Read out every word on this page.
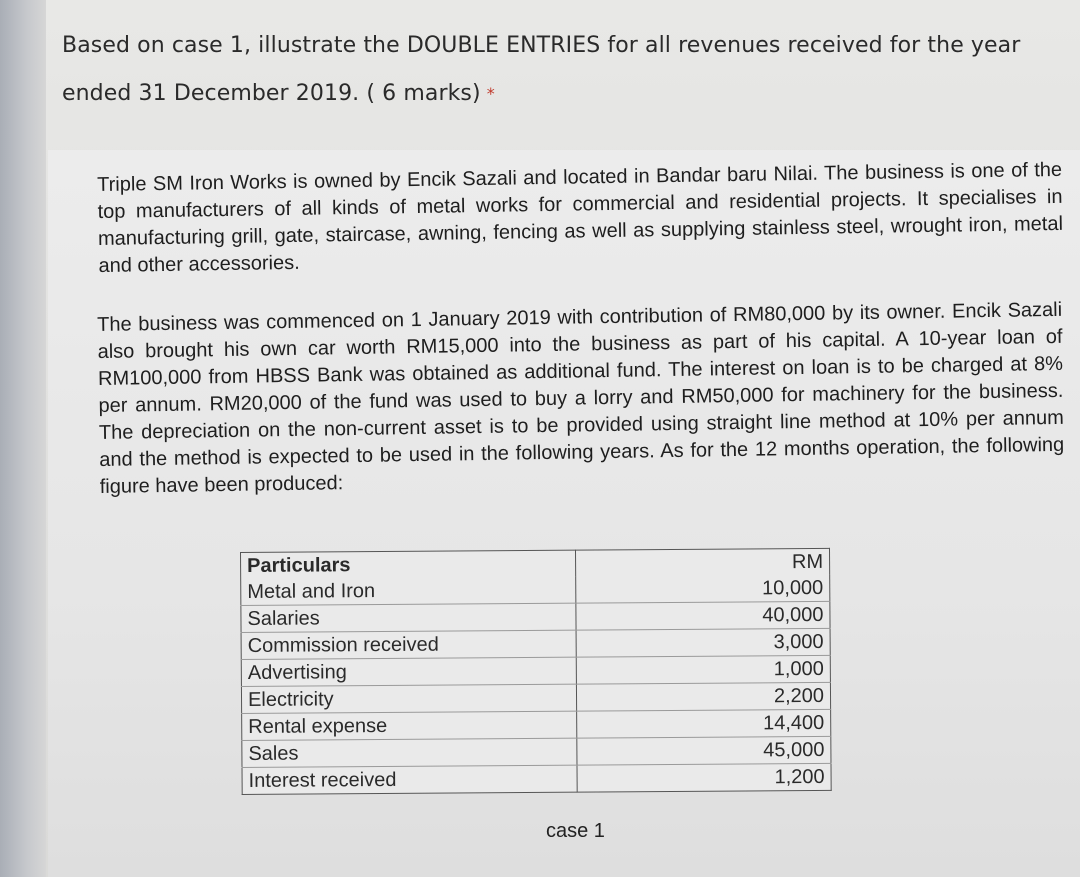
Based on case 1, illustrate the DOUBLE ENTRIES for all revenues received for the year ended 31 December 2019. ( 6 marks) *
Triple SM Iron Works is owned by Encik Sazali and located in Bandar baru Nilai. The business is one of the top manufacturers of all kinds of metal works for commercial and residential projects. It specialises in manufacturing grill, gate, staircase, awning, fencing as well as supplying stainless steel, wrought iron, metal and other accessories.
The business was commenced on 1 January 2019 with contribution of RM80,000 by its owner. Encik Sazali also brought his own car worth RM15,000 into the business as part of his capital. A 10-year loan of RM100,000 from HBSS Bank was obtained as additional fund. The interest on loan is to be charged at 8% per annum. RM20,000 of the fund was used to buy a lorry and RM50,000 for machinery for the business. The depreciation on the non-current asset is to be provided using straight line method at 10% per annum and the method is expected to be used in the following years. As for the 12 months operation, the following figure have been produced:
Particulars	RM
Metal and Iron	10,000
Salaries	40,000
Commission received	3,000
Advertising	1,000
Electricity	2,200
Rental expense	14,400
Sales	45,000
Interest received	1,200
case 1
